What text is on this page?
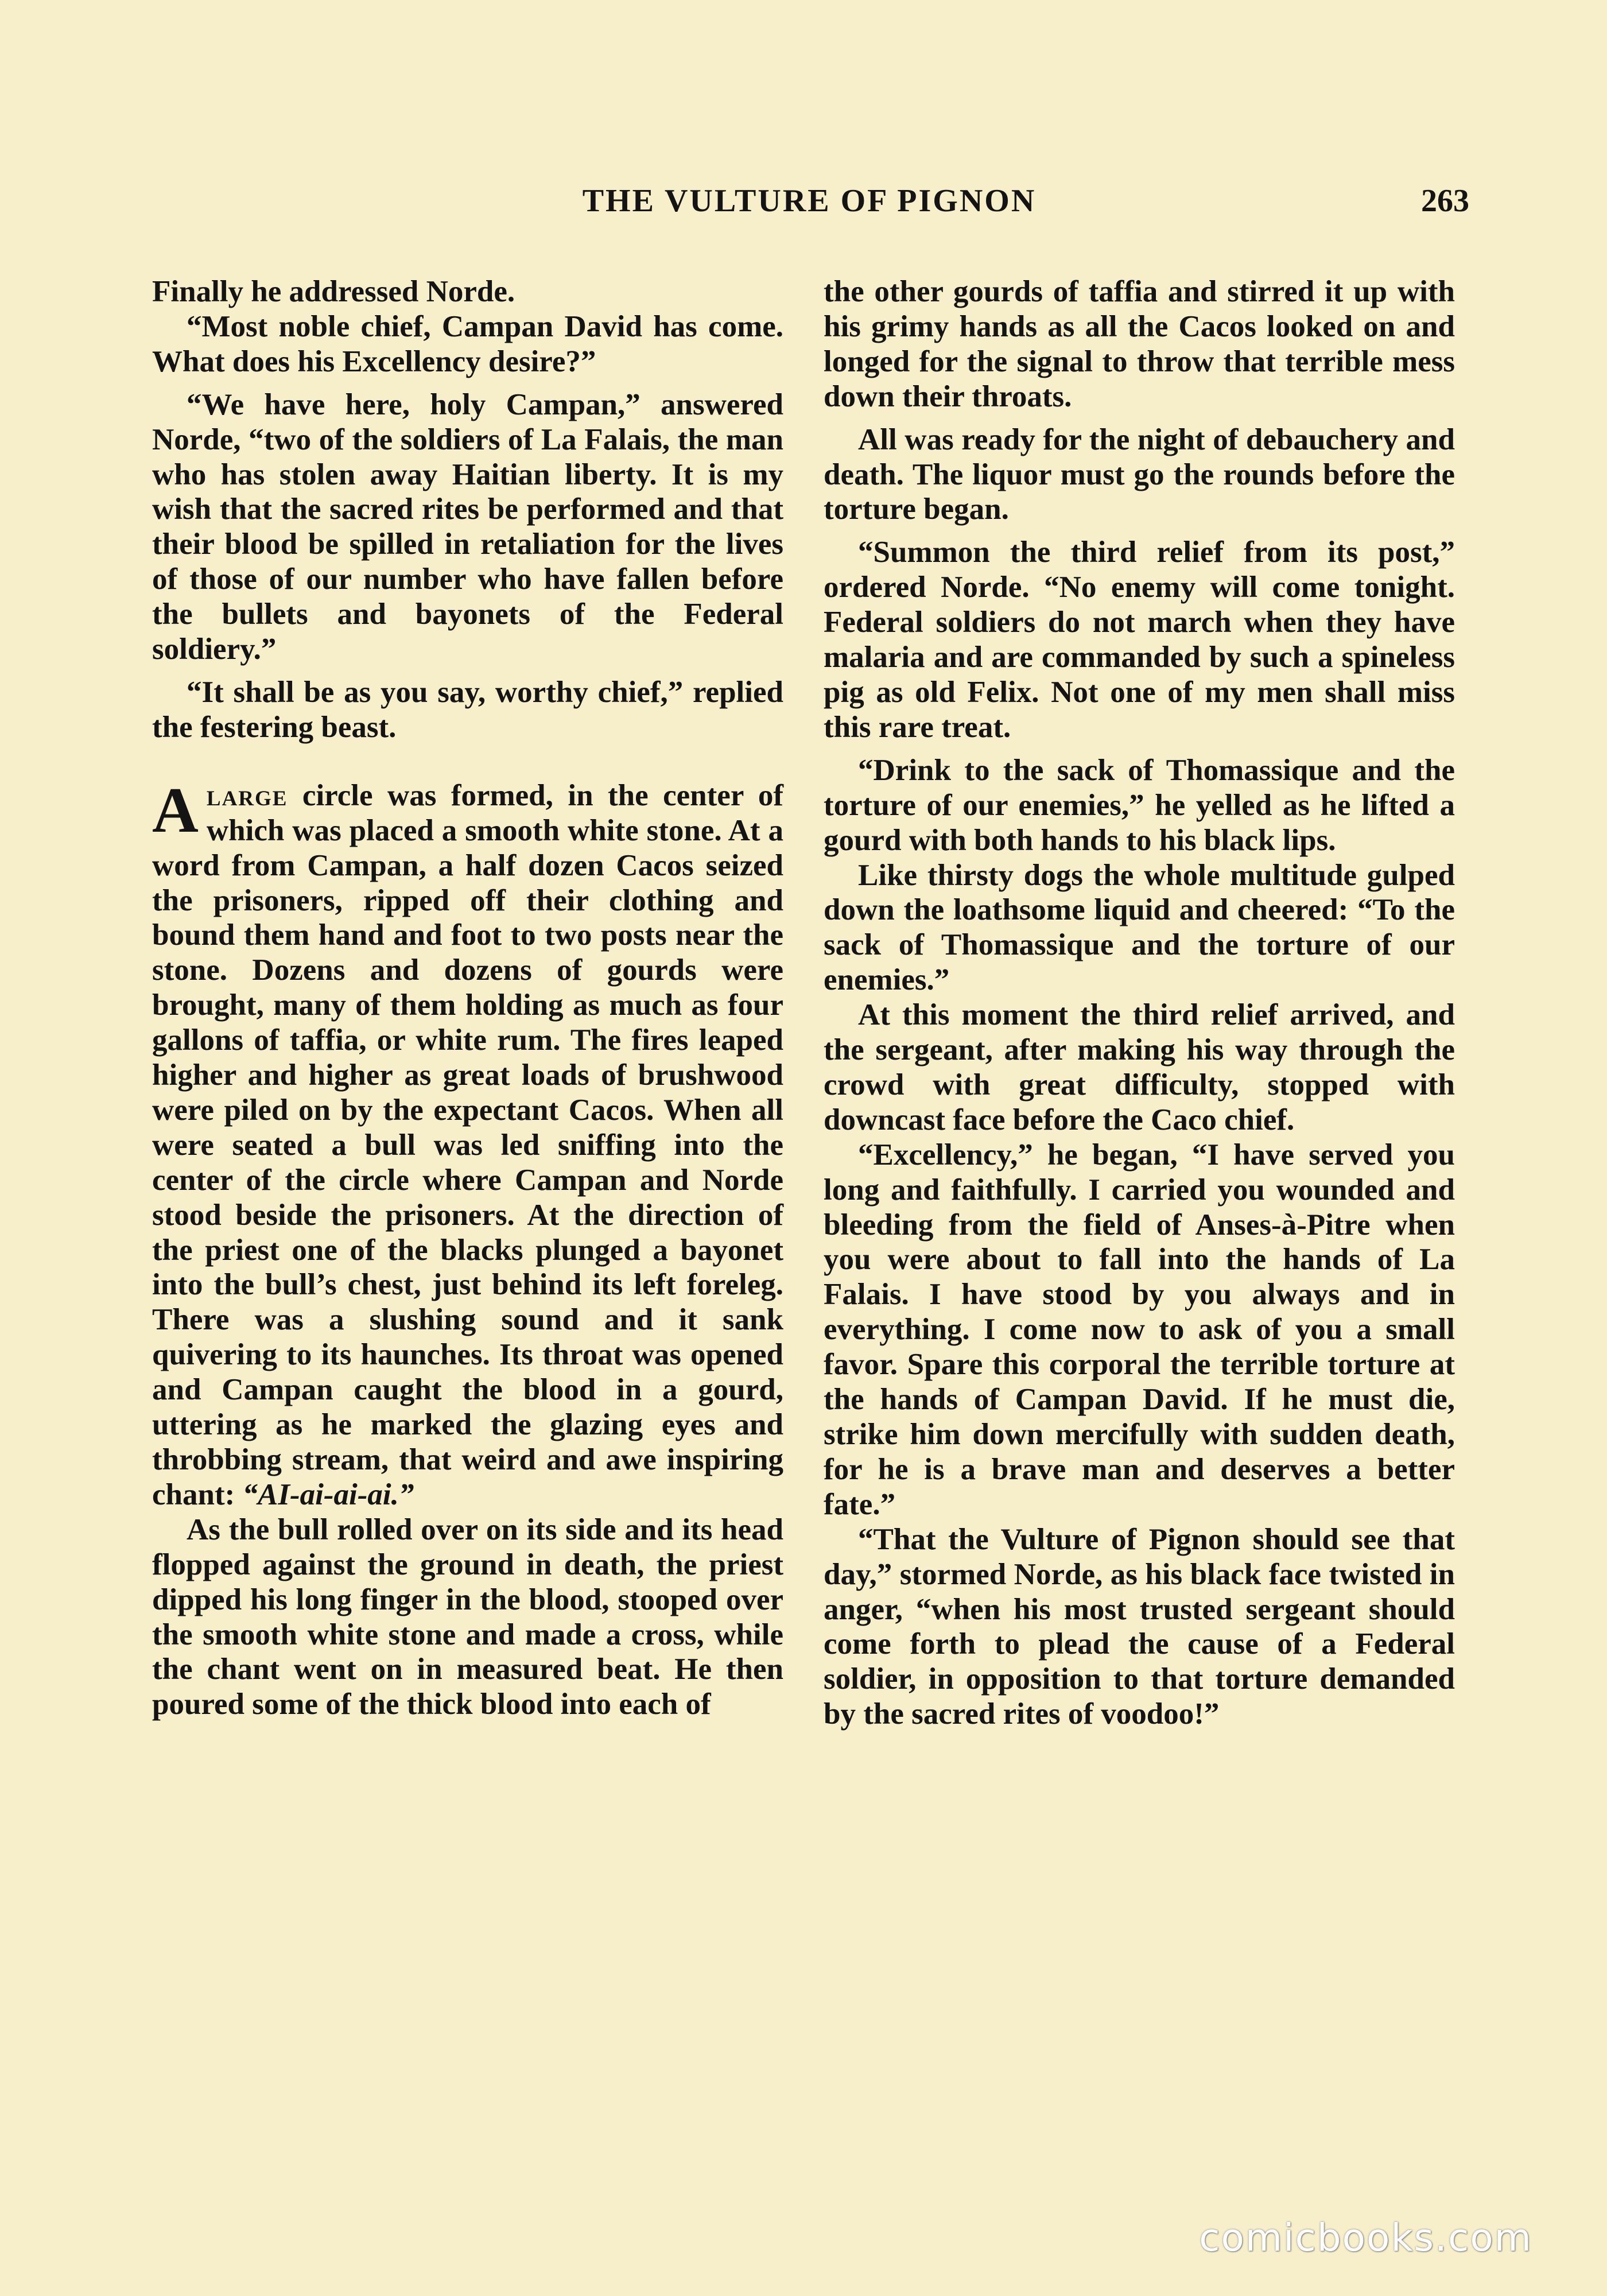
THE VULTURE OF PIGNON	263

Finally he addressed Norde.

“Most noble chief, Campan David has come. What does his Excellency desire?”

“We have here, holy Campan,” answered Norde, “two of the soldiers of La Falais, the man who has stolen away Haitian liberty. It is my wish that the sacred rites be performed and that their blood be spilled in retaliation for the lives of those of our number who have fallen before the bullets and bayonets of the Federal soldiery.”

“It shall be as you say, worthy chief,” replied the festering beast.

Alarge circle was formed, in the center of which was placed a smooth white stone. At a word from Campan, a half dozen Cacos seized the prisoners, ripped off their clothing and bound them hand and foot to two posts near the stone. Dozens and dozens of gourds were brought, many of them holding as much as four gallons of taffia, or white rum. The fires leaped higher and higher as great loads of brushwood were piled on by the expectant Cacos. When all were seated a bull was led sniffing into the center of the circle where Campan and Norde stood beside the prisoners. At the direction of the priest one of the blacks plunged a bayonet into the bull’s chest, just behind its left foreleg. There was a slushing sound and it sank quivering to its haunches. Its throat was opened and Campan caught the blood in a gourd, uttering as he marked the glazing eyes and throbbing stream, that weird and awe inspiring chant: “AI-ai-ai-ai.”

As the bull rolled over on its side and its head flopped against the ground in death, the priest dipped his long finger in the blood, stooped over the smooth white stone and made a cross, while the chant went on in measured beat. He then poured some of the thick blood into each of

the other gourds of taffia and stirred it up with his grimy hands as all the Cacos looked on and longed for the signal to throw that terrible mess down their throats.

All was ready for the night of debauchery and death. The liquor must go the rounds before the torture began.

“Summon the third relief from its post,” ordered Norde. “No enemy will come tonight. Federal soldiers do not march when they have malaria and are commanded by such a spineless pig as old Felix. Not one of my men shall miss this rare treat.

“Drink to the sack of Thomassique and the torture of our enemies,” he yelled as he lifted a gourd with both hands to his black lips.

Like thirsty dogs the whole multitude gulped down the loathsome liquid and cheered: “To the sack of Thomassique and the torture of our enemies.”

At this moment the third relief arrived, and the sergeant, after making his way through the crowd with great difficulty, stopped with downcast face before the Caco chief.

“Excellency,” he began, “I have served you long and faithfully. I carried you wounded and bleeding from the field of Anses-à-Pitre when you were about to fall into the hands of La Falais. I have stood by you always and in everything. I come now to ask of you a small favor. Spare this corporal the terrible torture at the hands of Campan David. If he must die, strike him down mercifully with sudden death, for he is a brave man and deserves a better fate.”

“That the Vulture of Pignon should see that day,” stormed Norde, as his black face twisted in anger, “when his most trusted sergeant should come forth to plead the cause of a Federal soldier, in opposition to that torture demanded by the sacred rites of voodoo!”

comicbooks.com
